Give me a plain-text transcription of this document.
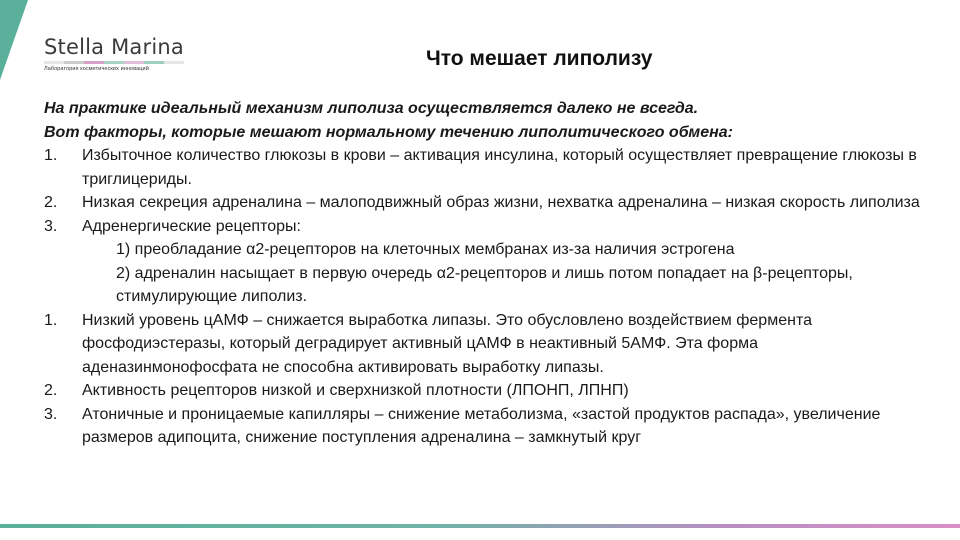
Stella Marina
Лаборатория косметических инноваций	Что мешает липолизу
На практике идеальный механизм липолиза осуществляется далеко не всегда.
Вот факторы, которые мешают нормальному течению липолитического обмена:
1.	Избыточное количество глюкозы в крови – активация инсулина, который осуществляет превращение глюкозы в триглицериды.
2.	Низкая секреция адреналина – малоподвижный образ жизни, нехватка адреналина – низкая скорость липолиза
3.	Адренергические рецепторы:
1) преобладание α2-рецепторов на клеточных мембранах из-за наличия эстрогена
2) адреналин насыщает в первую очередь α2-рецепторов и лишь потом попадает на β-рецепторы, стимулирующие липолиз.
1.	Низкий уровень цАМФ – снижается выработка липазы. Это обусловлено воздействием фермента фосфодиэстеразы, который деградирует активный цАМФ в неактивный 5АМФ. Эта форма аденазинмонофосфата не способна активировать выработку липазы.
2.	Активность рецепторов низкой и сверхнизкой плотности (ЛПОНП, ЛПНП)
3.	Атоничные и проницаемые капилляры – снижение метаболизма, «застой продуктов распада», увеличение размеров адипоцита, снижение поступления адреналина – замкнутый круг
